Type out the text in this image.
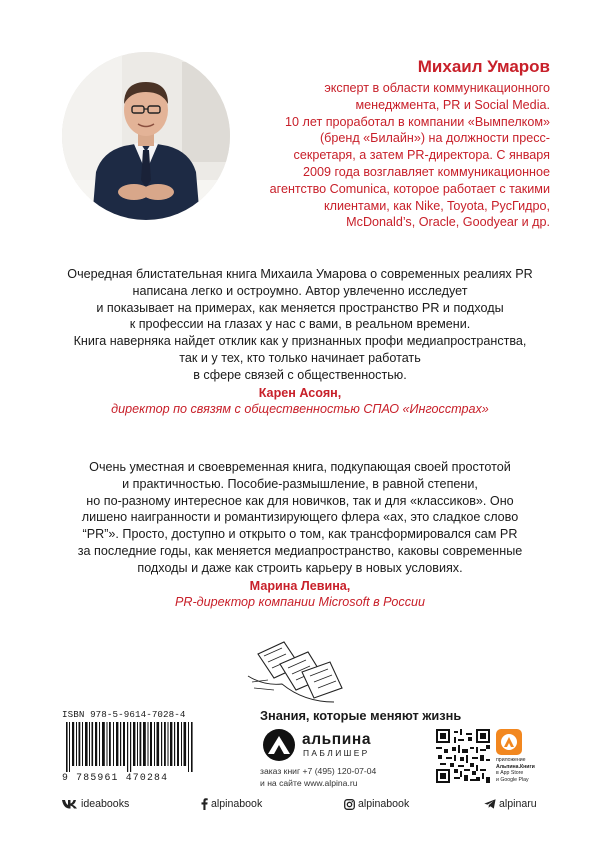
Михаил Умаров
эксперт в области коммуникационного
менеджмента, PR и Social Media.
10 лет проработал в компании «Вымпелком»
(бренд «Билайн») на должности пресс-
секретаря, а затем PR-директора. С января
2009 года возглавляет коммуникационное
агентство Comunica, которое работает с такими
клиентами, как Nike, Toyota, РусГидро,
McDonald’s, Oracle, Goodyear и др.
Очередная блистательная книга Михаила Умарова о современных реалиях PR
написана легко и остроумно. Автор увлеченно исследует
и показывает на примерах, как меняется пространство PR и подходы
к профессии на глазах у нас с вами, в реальном времени.
Книга наверняка найдет отклик как у признанных профи медиапространства,
так и у тех, кто только начинает работать
в сфере связей с общественностью.
Карен Асоян,
директор по связям с общественностью СПАО «Ингосстрах»
Очень уместная и своевременная книга, подкупающая своей простотой
и практичностью. Пособие-размышление, в равной степени,
но по-разному интересное как для новичков, так и для «классиков». Оно
лишено наигранности и романтизирующего флера «ах, это сладкое слово
“PR”». Просто, доступно и открыто о том, как трансформировался сам PR
за последние годы, как меняется медиапространство, каковы современные
подходы и даже как строить карьеру в новых условиях.
Марина Левина,
PR-директор компании Microsoft в России
ISBN 978-5-9614-7028-4
9 785961 470284
Знания, которые меняют жизнь
альпина
ПАБЛИШЕР
заказ книг +7 (495) 120-07-04
и на сайте www.alpina.ru
приложение
Альпина.Книги
в App Store
и Google Play
ideabooks	alpinabook	alpinabook	alpinaru
